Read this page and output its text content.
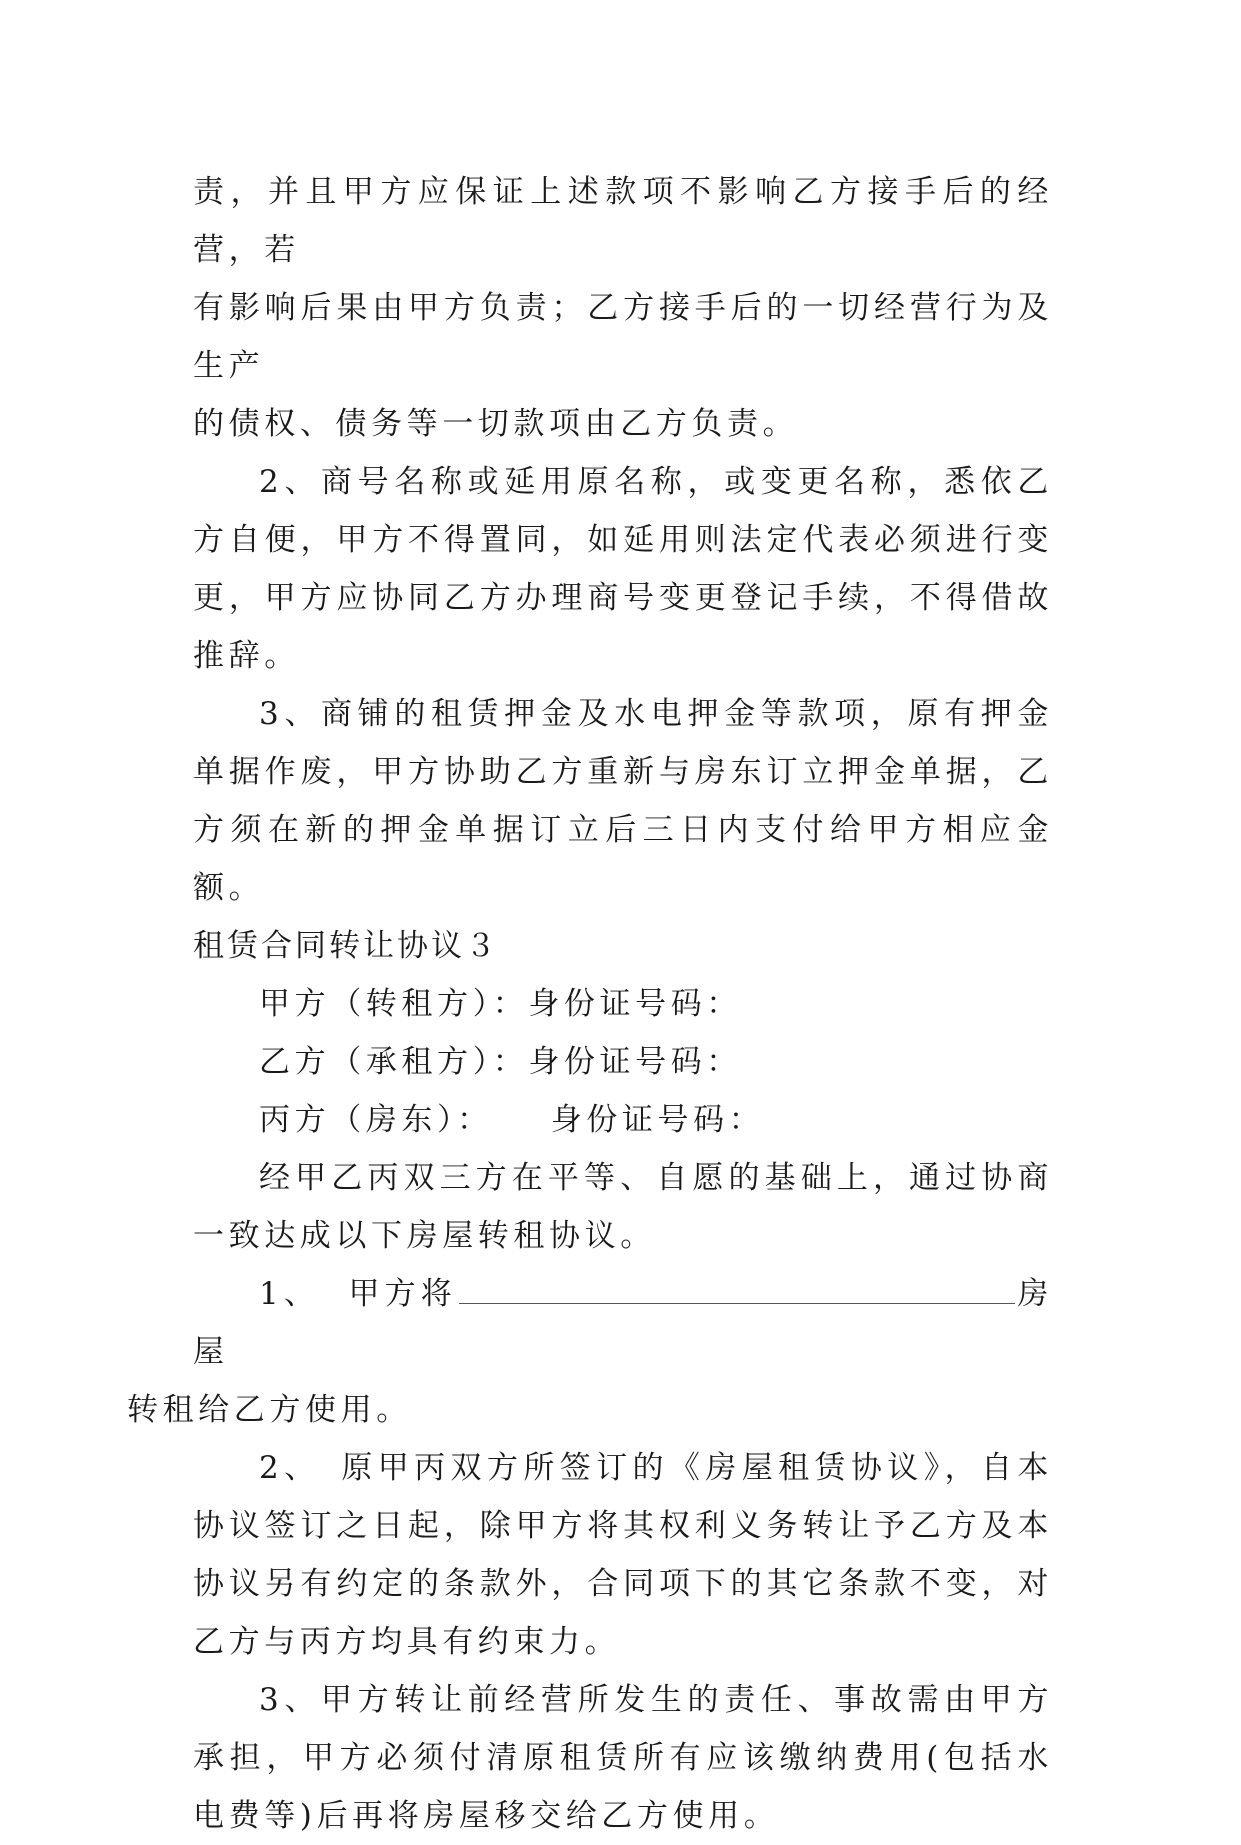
责，并且甲方应保证上述款项不影响乙方接手后的经营，若
有影响后果由甲方负责；乙方接手后的一切经营行为及生产
的债权、债务等一切款项由乙方负责。

2、商号名称或延用原名称，或变更名称，悉依乙方自便，甲方不得置同，如延用则法定代表必须进行变更，甲方应协同乙方办理商号变更登记手续，不得借故推辞。

3、商铺的租赁押金及水电押金等款项，原有押金单据作废，甲方协助乙方重新与房东订立押金单据，乙方须在新的押金单据订立后三日内支付给甲方相应金额。

租赁合同转让协议３

甲方（转租方）：身份证号码：

乙方（承租方）：身份证号码：

丙方（房东）： 身份证号码：

经甲乙丙双三方在平等、自愿的基础上，通过协商一致达成以下房屋转租协议。

1、 甲方将	房屋
转租给乙方使用。

2、 原甲丙双方所签订的《房屋租赁协议》，自本协议签订之日起，除甲方将其权利义务转让予乙方及本协议另有约定的条款外，合同项下的其它条款不变，对乙方与丙方均具有约束力。

3、甲方转让前经营所发生的责任、事故需由甲方承担，甲方必须付清原租赁所有应该缴纳费用(包括水电费等)后再将房屋移交给乙方使用。
